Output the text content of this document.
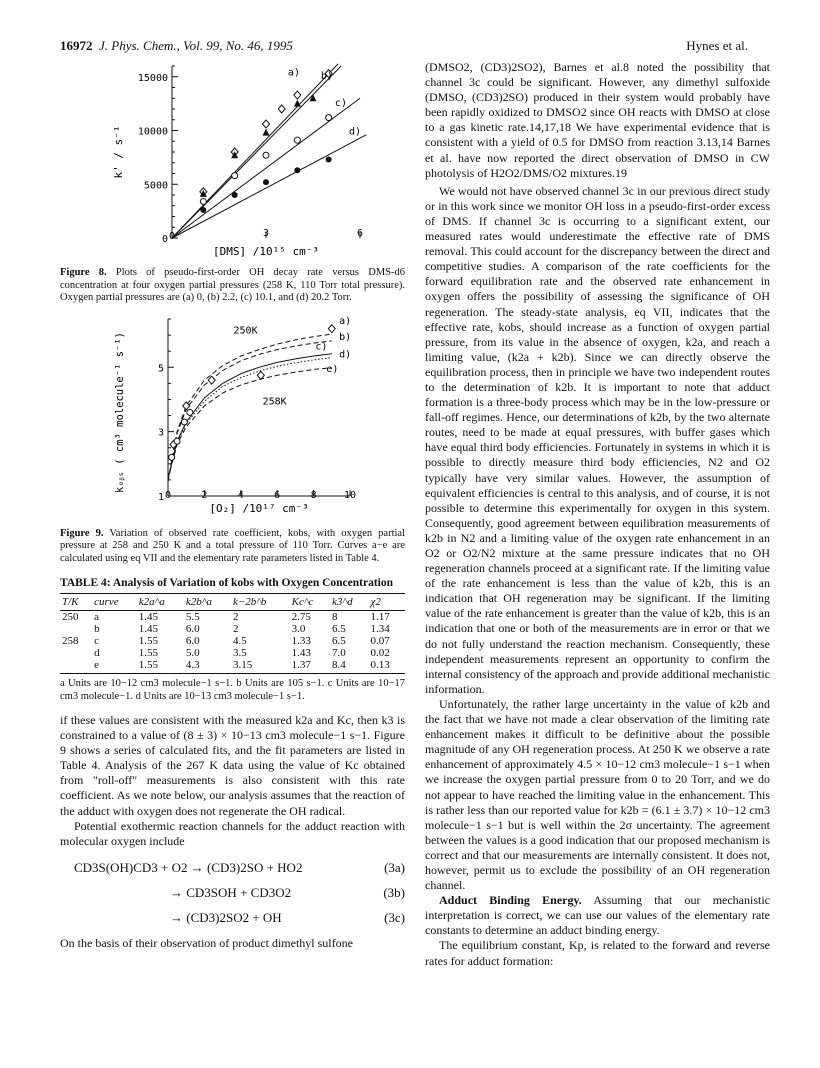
16972 J. Phys. Chem., Vol. 99, No. 46, 1995	Hynes et al.
0
5000
10000
15000
0	3	6
[DMS] /10¹⁵ cm⁻³
k' / s⁻¹
a) b)
c)
d)

Figure 8. Plots of pseudo-first-order OH decay rate versus DMS-d6 concentration at four oxygen partial pressures (258 K, 110 Torr total pressure). Oxygen partial pressures are (a) 0, (b) 2.2, (c) 10.1, and (d) 20.2 Torr.

1
3
5
0	2	4	6	8	10
[O₂] /10¹⁷ cm⁻³
kₒᵦₛ ( cm³ molecule⁻¹ s⁻¹)
a)
b)
c)
d)
e)
250K
258K

Figure 9. Variation of observed rate coefficient, kobs, with oxygen partial pressure at 258 and 250 K and a total pressure of 110 Torr. Curves a−e are calculated using eq VII and the elementary rate parameters listed in Table 4.

TABLE 4: Analysis of Variation of kobs with Oxygen Concentration

T/K	curve	k2a^a	k2b^a	k−2b^b	Kc^c	k3^d	χ2
250	a	1.45	5.5	2	2.75	8	1.17
	b	1.45	6.0	2	3.0	6.5	1.34
258	c	1.55	6.0	4.5	1.33	6.5	0.07
	d	1.55	5.0	3.5	1.43	7.0	0.02
	e	1.55	4.3	3.15	1.37	8.4	0.13

a Units are 10−12 cm3 molecule−1 s−1. b Units are 105 s−1. c Units are 10−17 cm3 molecule−1. d Units are 10−13 cm3 molecule−1 s−1.

if these values are consistent with the measured k2a and Kc, then k3 is constrained to a value of (8 ± 3) × 10−13 cm3 molecule−1 s−1. Figure 9 shows a series of calculated fits, and the fit parameters are listed in Table 4. Analysis of the 267 K data using the value of Kc obtained from "roll-off" measurements is also consistent with this rate coefficient. As we note below, our analysis assumes that the reaction of the adduct with oxygen does not regenerate the OH radical.

Potential exothermic reaction channels for the adduct reaction with molecular oxygen include

CD3S(OH)CD3 + O2 → (CD3)2SO + HO2	(3a)
→ CD3SOH + CD3O2	(3b)
→ (CD3)2SO2 + OH	(3c)

On the basis of their observation of product dimethyl sulfone

(DMSO2, (CD3)2SO2), Barnes et al.8 noted the possibility that channel 3c could be significant. However, any dimethyl sulfoxide (DMSO, (CD3)2SO) produced in their system would probably have been rapidly oxidized to DMSO2 since OH reacts with DMSO at close to a gas kinetic rate.14,17,18 We have experimental evidence that is consistent with a yield of 0.5 for DMSO from reaction 3.13,14 Barnes et al. have now reported the direct observation of DMSO in CW photolysis of H2O2/DMS/O2 mixtures.19

We would not have observed channel 3c in our previous direct study or in this work since we monitor OH loss in a pseudo-first-order excess of DMS. If channel 3c is occurring to a significant extent, our measured rates would underestimate the effective rate of DMS removal. This could account for the discrepancy between the direct and competitive studies. A comparison of the rate coefficients for the forward equilibration rate and the observed rate enhancement in oxygen offers the possibility of assessing the significance of OH regeneration. The steady-state analysis, eq VII, indicates that the effective rate, kobs, should increase as a function of oxygen partial pressure, from its value in the absence of oxygen, k2a, and reach a limiting value, (k2a + k2b). Since we can directly observe the equilibration process, then in principle we have two independent routes to the determination of k2b. It is important to note that adduct formation is a three-body process which may be in the low-pressure or fall-off regimes. Hence, our determinations of k2b, by the two alternate routes, need to be made at equal pressures, with buffer gases which have equal third body efficiencies. Fortunately in systems in which it is possible to directly measure third body efficiencies, N2 and O2 typically have very similar values. However, the assumption of equivalent efficiencies is central to this analysis, and of course, it is not possible to determine this experimentally for oxygen in this system. Consequently, good agreement between equilibration measurements of k2b in N2 and a limiting value of the oxygen rate enhancement in an O2 or O2/N2 mixture at the same pressure indicates that no OH regeneration channels proceed at a significant rate. If the limiting value of the rate enhancement is less than the value of k2b, this is an indication that OH regeneration may be significant. If the limiting value of the rate enhancement is greater than the value of k2b, this is an indication that one or both of the measurements are in error or that we do not fully understand the reaction mechanism. Consequently, these independent measurements represent an opportunity to confirm the internal consistency of the approach and provide additional mechanistic information.

Unfortunately, the rather large uncertainty in the value of k2b and the fact that we have not made a clear observation of the limiting rate enhancement makes it difficult to be definitive about the possible magnitude of any OH regeneration process. At 250 K we observe a rate enhancement of approximately 4.5 × 10−12 cm3 molecule−1 s−1 when we increase the oxygen partial pressure from 0 to 20 Torr, and we do not appear to have reached the limiting value in the enhancement. This is rather less than our reported value for k2b = (6.1 ± 3.7) × 10−12 cm3 molecule−1 s−1 but is well within the 2σ uncertainty. The agreement between the values is a good indication that our proposed mechanism is correct and that our measurements are internally consistent. It does not, however, permit us to exclude the possibility of an OH regeneration channel.

Adduct Binding Energy. Assuming that our mechanistic interpretation is correct, we can use our values of the elementary rate constants to determine an adduct binding energy.

The equilibrium constant, Kp, is related to the forward and reverse rates for adduct formation:
